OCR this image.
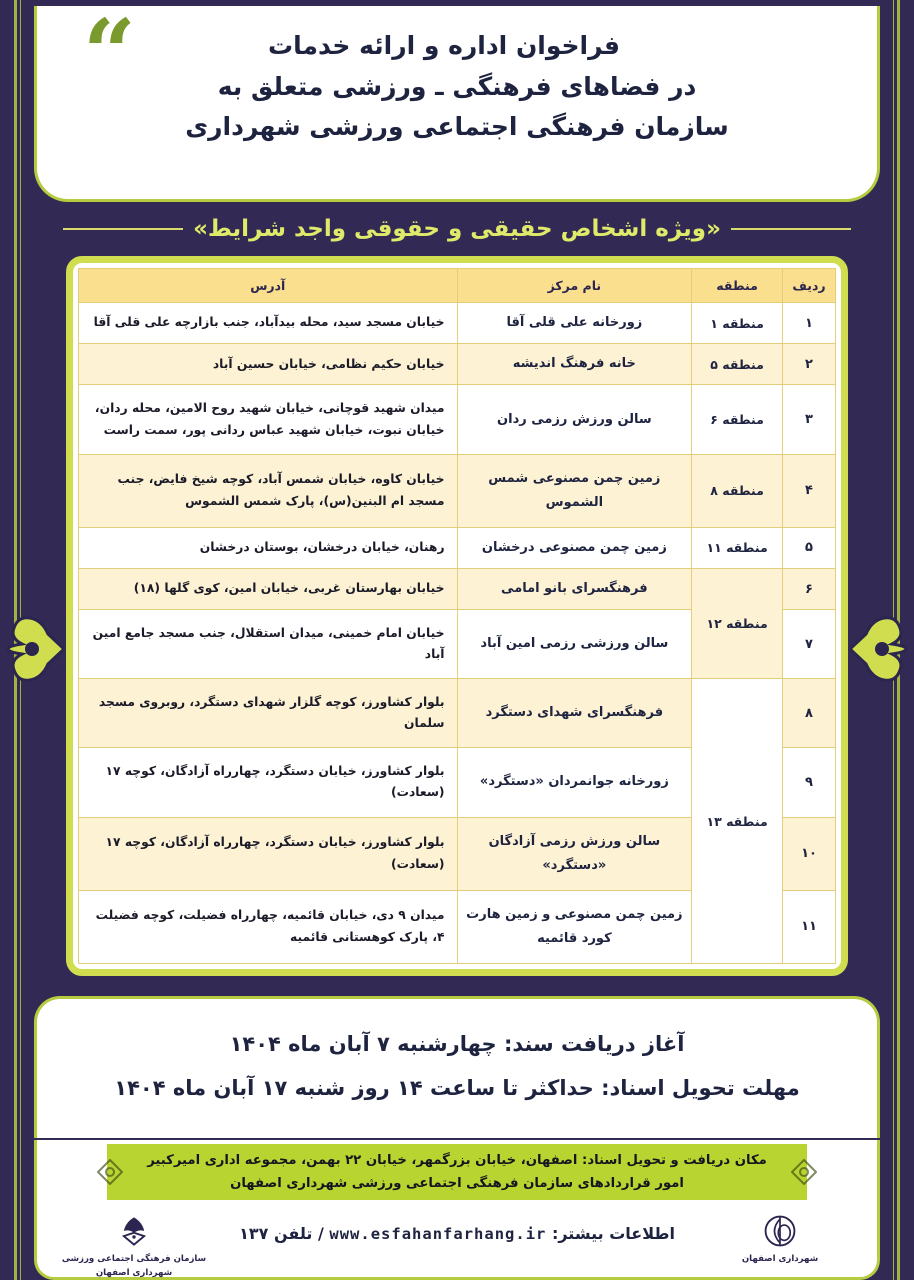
“	فراخوان اداره و ارائه خدمات
در فضاهای فرهنگی ـ ورزشی متعلق به
سازمان فرهنگی اجتماعی ورزشی شهرداری
«ویژه اشخاص حقیقی و حقوقی واجد شرایط»
ردیف	منطقه	نام مرکز	آدرس
۱	منطقه ۱	زورخانه علی قلی آقا	خیابان مسجد سید، محله بیدآباد، جنب بازارچه علی قلی آقا
۲	منطقه ۵	خانه فرهنگ اندیشه	خیابان حکیم نظامی، خیابان حسین آباد
۳	منطقه ۶	سالن ورزش رزمی ردان	میدان شهید قوچانی، خیابان شهید روح الامین، محله ردان، خیابان نبوت، خیابان شهید عباس ردانی پور، سمت راست
۴	منطقه ۸	زمین چمن مصنوعی شمس الشموس	خیابان کاوه، خیابان شمس آباد، کوچه شیخ فایض، جنب مسجد ام البنین(س)، پارک شمس الشموس
۵	منطقه ۱۱	زمین چمن مصنوعی درخشان	رهنان، خیابان درخشان، بوستان درخشان
۶	منطقه ۱۲	فرهنگسرای بانو امامی	خیابان بهارستان غربی، خیابان امین، کوی گلها (۱۸)
۷		سالن ورزشی رزمی امین آباد	خیابان امام خمینی، میدان استقلال، جنب مسجد جامع امین آباد
۸	منطقه ۱۳	فرهنگسرای شهدای دستگرد	بلوار کشاورز، کوچه گلزار شهدای دستگرد، روبروی مسجد سلمان
۹		زورخانه جوانمردان «دستگرد»	بلوار کشاورز، خیابان دستگرد، چهارراه آزادگان، کوچه ۱۷ (سعادت)
۱۰		سالن ورزش رزمی آزادگان «دستگرد»	بلوار کشاورز، خیابان دستگرد، چهارراه آزادگان، کوچه ۱۷ (سعادت)
۱۱		زمین چمن مصنوعی و زمین هارت کورد قائمیه	میدان ۹ دی، خیابان قائمیه، چهارراه فضیلت، کوچه فضیلت ۴، پارک کوهستانی قائمیه
آغاز دریافت سند: چهارشنبه ۷ آبان ماه ۱۴۰۴
مهلت تحویل اسناد: حداکثر تا ساعت ۱۴ روز شنبه ۱۷ آبان ماه ۱۴۰۴
مکان دریافت و تحویل اسناد: اصفهان، خیابان بزرگمهر، خیابان ۲۲ بهمن، مجموعه اداری امیرکبیر
امور قراردادهای سازمان فرهنگی اجتماعی ورزشی شهرداری اصفهان
شهرداری اصفهان
اطلاعات بیشتر: www.esfahanfarhang.ir / تلفن ۱۳۷
سازمان فرهنگی اجتماعی ورزشی
شهرداری اصفهان
